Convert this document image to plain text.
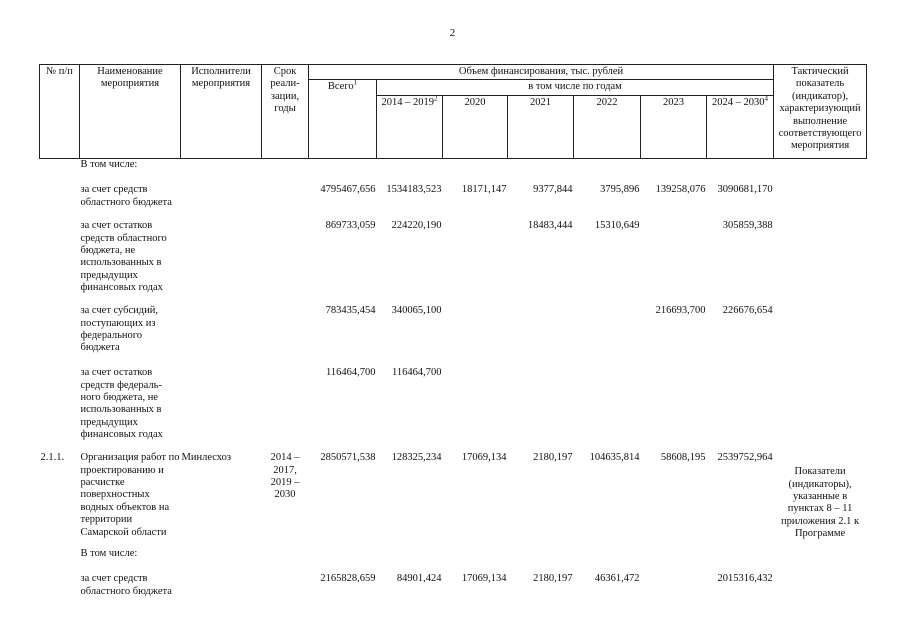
2
№ п/п	Наименование мероприятия	Исполнители мероприятия	Срок реали-зации, годы	Объем финансирования, тыс. рублей							Тактический показатель (индикатор), характеризующий выполнение соответствующего мероприятия
				Всего$^1$	в том числе по годам						
					2014 – 2019$^2$	2020	2021	2022	2023	2024 – 2030$^4$
	В том числе:										
	за счет средств областного бюджета			4795467,656	1534183,523	18171,147	9377,844	3795,896	139258,076	3090681,170	
	за счет остатков средств областного бюджета, не использованных в предыдущих финансовых годах			869733,059	224220,190		18483,444	15310,649		305859,388	
	за счет субсидий, поступающих из федерального бюджета			783435,454	340065,100				216693,700	226676,654	
	за счет остатков средств федераль-ного бюджета, не использованных в предыдущих финансовых годах			116464,700	116464,700						
2.1.1.	Организация работ по проектированию и расчистке поверхностных водных объектов на территории Самарской области	Минлесхоз	2014 – 2017, 2019 – 2030	2850571,538	128325,234	17069,134	2180,197	104635,814	58608,195	2539752,964	Показатели (индикаторы), указанные в пунктах 8 – 11 приложения 2.1 к Программе
	В том числе:										
	за счет средств областного бюджета			2165828,659	84901,424	17069,134	2180,197	46361,472		2015316,432	
